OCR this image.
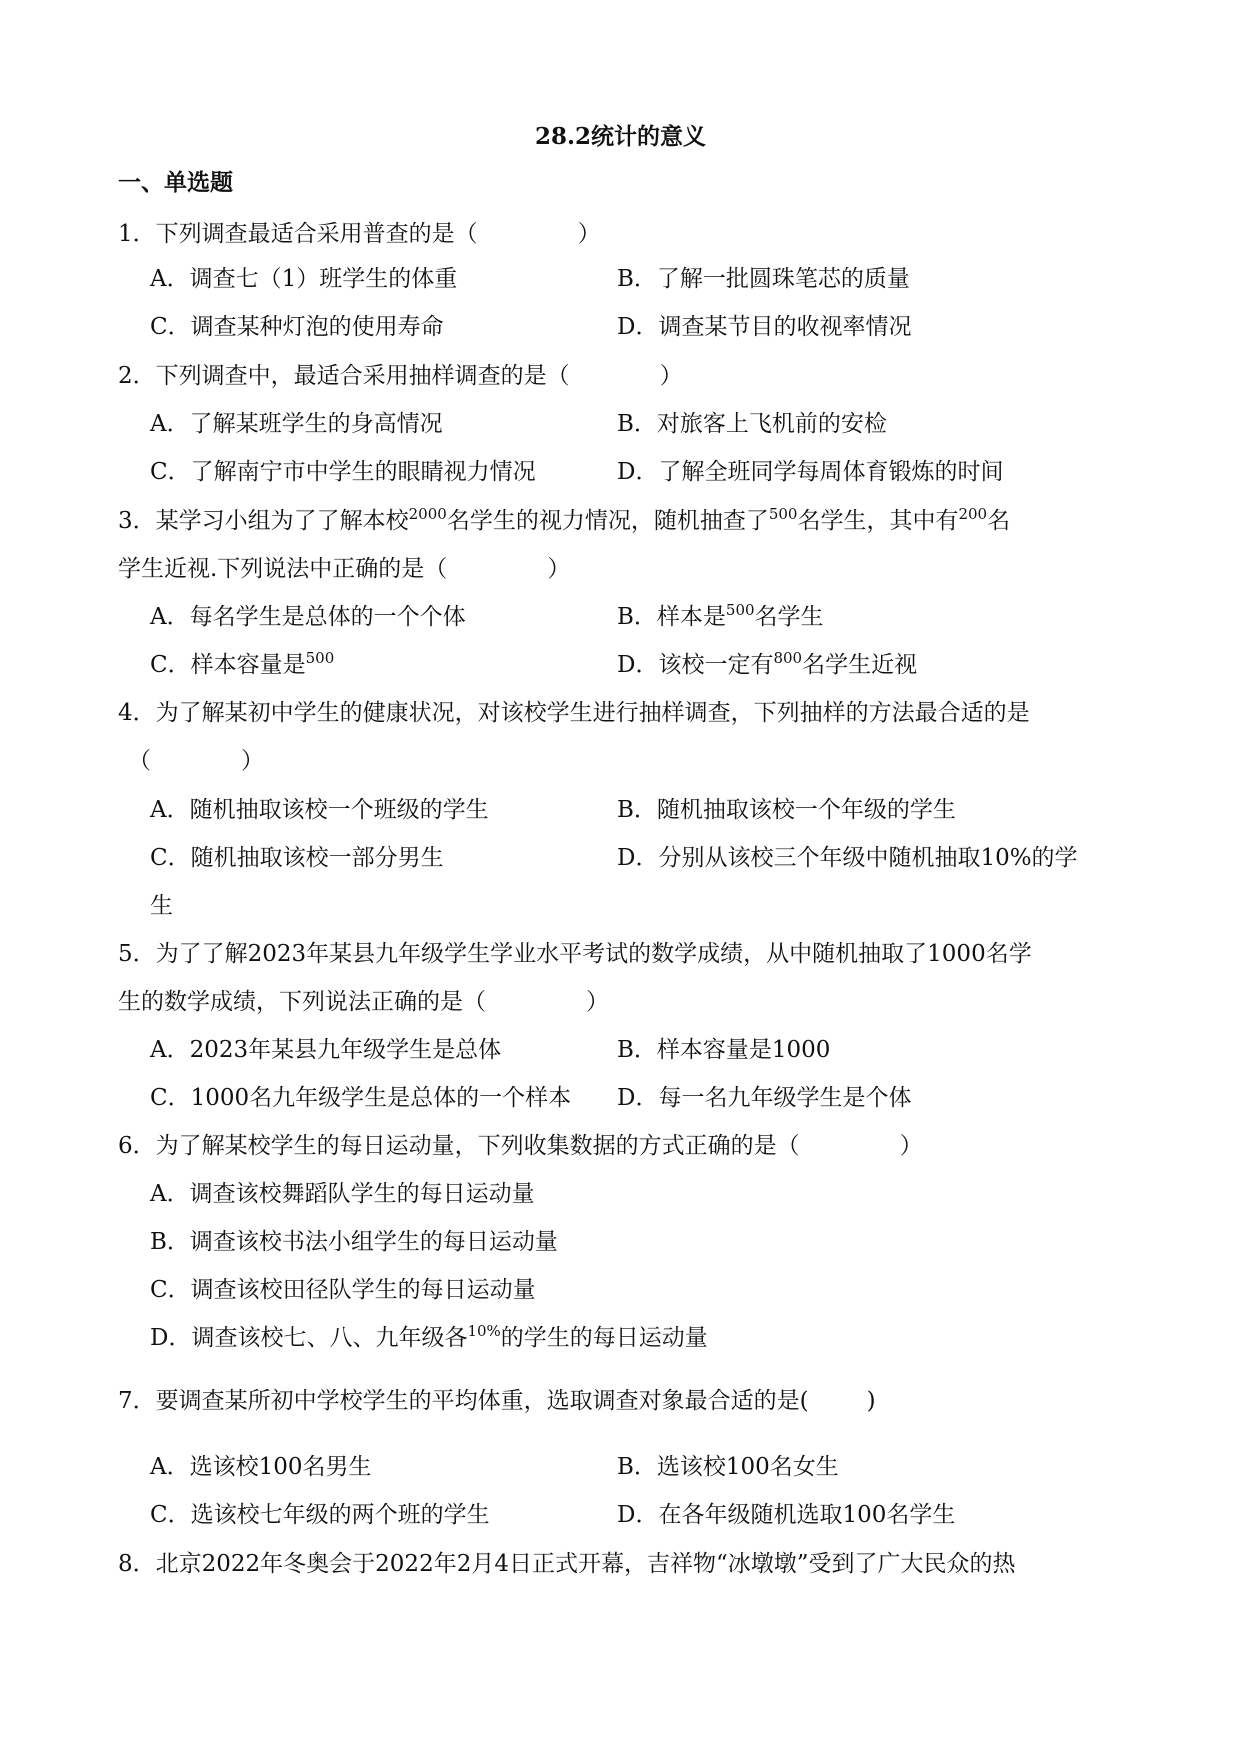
28.2统计的意义
一、单选题
1．下列调查最适合采用普查的是（	）
A．调查七（1）班学生的体重	B．了解一批圆珠笔芯的质量
C．调查某种灯泡的使用寿命	D．调查某节目的收视率情况
2．下列调查中，最适合采用抽样调查的是（	）
A．了解某班学生的身高情况	B．对旅客上飞机前的安检
C．了解南宁市中学生的眼睛视力情况	D．了解全班同学每周体育锻炼的时间
3．某学习小组为了了解本校$^{2000}$名学生的视力情况，随机抽查了$^{500}$名学生，其中有$^{200}$名
学生近视.下列说法中正确的是（	）
A．每名学生是总体的一个个体	B．样本是$^{500}$名学生
C．样本容量是$^{500}$	D．该校一定有$^{800}$名学生近视
4．为了解某初中学生的健康状况，对该校学生进行抽样调查，下列抽样的方法最合适的是
（	）
A．随机抽取该校一个班级的学生	B．随机抽取该校一个年级的学生
C．随机抽取该校一部分男生	D．分别从该校三个年级中随机抽取10%的学
生
5．为了了解2023年某县九年级学生学业水平考试的数学成绩，从中随机抽取了1000名学
生的数学成绩，下列说法正确的是（	）
A．2023年某县九年级学生是总体	B．样本容量是1000
C．1000名九年级学生是总体的一个样本 D．每一名九年级学生是个体
6．为了解某校学生的每日运动量，下列收集数据的方式正确的是（	）
A．调查该校舞蹈队学生的每日运动量
B．调查该校书法小组学生的每日运动量
C．调查该校田径队学生的每日运动量
D．调查该校七、八、九年级各$^{10\%}$的学生的每日运动量
7．要调查某所初中学校学生的平均体重，选取调查对象最合适的是(	)
A．选该校100名男生	B．选该校100名女生
C．选该校七年级的两个班的学生	D．在各年级随机选取100名学生
8．北京2022年冬奥会于2022年2月4日正式开幕，吉祥物“冰墩墩”受到了广大民众的热
